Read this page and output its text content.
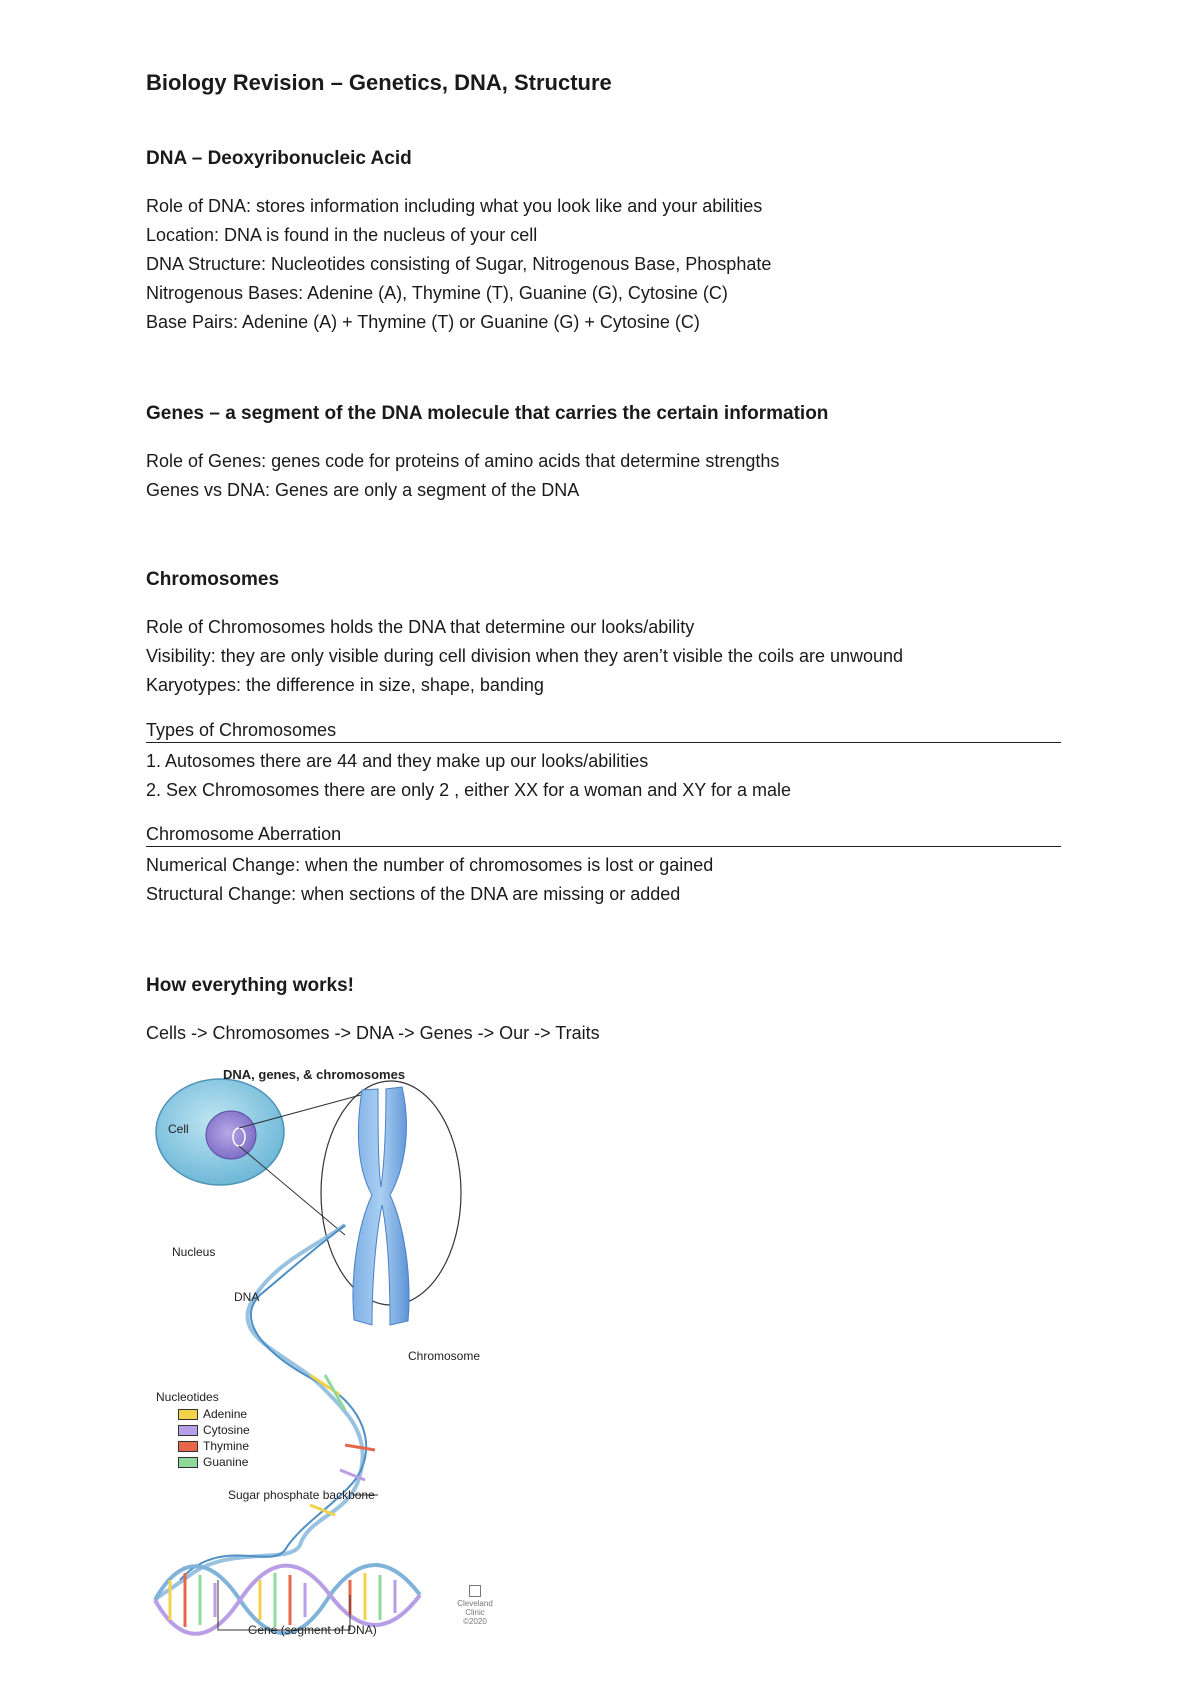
Biology Revision – Genetics, DNA, Structure
DNA – Deoxyribonucleic Acid
Role of DNA: stores information including what you look like and your abilities
Location: DNA is found in the nucleus of your cell
DNA Structure: Nucleotides consisting of Sugar, Nitrogenous Base, Phosphate
Nitrogenous Bases: Adenine (A), Thymine (T), Guanine (G), Cytosine (C)
Base Pairs: Adenine (A) + Thymine (T) or Guanine (G) + Cytosine (C)
Genes – a segment of the DNA molecule that carries the certain information
Role of Genes: genes code for proteins of amino acids that determine strengths
Genes vs DNA: Genes are only a segment of the DNA
Chromosomes
Role of Chromosomes holds the DNA that determine our looks/ability
Visibility: they are only visible during cell division when they aren’t visible the coils are unwound
Karyotypes: the difference in size, shape, banding
Types of Chromosomes
1. Autosomes there are 44 and they make up our looks/abilities
2. Sex Chromosomes there are only 2 , either XX for a woman and XY for a male
Chromosome Aberration
Numerical Change: when the number of chromosomes is lost or gained
Structural Change: when sections of the DNA are missing or added
How everything works!
Cells -> Chromosomes -> DNA -> Genes -> Our -> Traits
DNA, genes, & chromosomes
Cell
Nucleus
DNA
Chromosome
Sugar phosphate backbone
Gene (segment of DNA)
Nucleotides
Adenine
Cytosine
Thymine
Guanine
Cleveland
Clinic
©2020
